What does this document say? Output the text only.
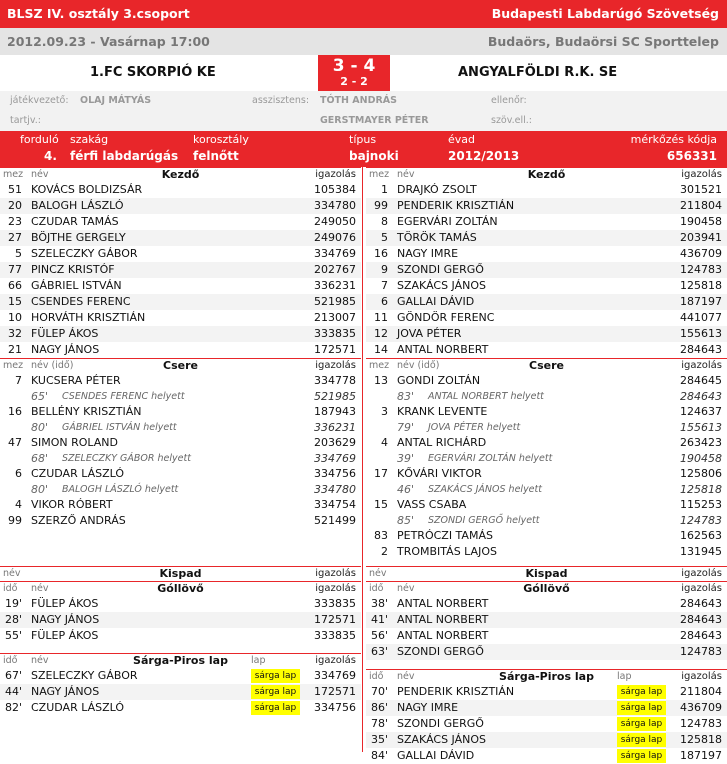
BLSZ IV. osztály 3.csoport	Budapesti Labdarúgó Szövetség
2012.09.23 - Vasárnap 17:00	Budaörs, Budaörsi SC Sporttelep
1.FC SKORPIÓ KE	ANGYALFÖLDI R.K. SE
3 - 4
2 - 2
játékvezető: OLAJ MÁTYÁS	asszisztens: TÓTH ANDRÁS	ellenőr:
tartjv.:	GERSTMAYER PÉTER	szöv.ell.:
forduló
4.
szakág
férfi labdarúgás
korosztály
felnőtt
típus
bajnoki
évad
2012/2013
mérkőzés kódja
656331
mez név	Kezdő	igazolás
51 KOVÁCS BOLDIZSÁR	105384
20 BALOGH LÁSZLÓ	334780
23 CZUDAR TAMÁS	249050
27 BÖJTHE GERGELY	249076
5 SZELECZKY GÁBOR	334769
77 PINCZ KRISTÓF	202767
66 GÁBRIEL ISTVÁN	336231
15 CSENDES FERENC	521985
10 HORVÁTH KRISZTIÁN	213007
32 FÜLEP ÁKOS	333835
21 NAGY JÁNOS	172571
mez név (idő)	Csere	igazolás
7 KUCSERA PÉTER	334778
65' CSENDES FERENC helyett	521985
16 BELLÉNY KRISZTIÁN	187943
80' GÁBRIEL ISTVÁN helyett	336231
47 SIMON ROLAND	203629
68' SZELECZKY GÁBOR helyett	334769
6 CZUDAR LÁSZLÓ	334756
80' BALOGH LÁSZLÓ helyett	334780
4 VIKOR RÓBERT	334754
99 SZERZŐ ANDRÁS	521499
név	Kispad	igazolás
idő név	Góllövő	igazolás
19' FÜLEP ÁKOS	333835
28' NAGY JÁNOS	172571
55' FÜLEP ÁKOS	333835
idő név	Sárga-Piros lap	lap	igazolás
67' SZELECZKY GÁBOR	sárga lap	334769
44' NAGY JÁNOS	sárga lap	172571
82' CZUDAR LÁSZLÓ	sárga lap	334756
mez név	Kezdő	igazolás
1 DRAJKÓ ZSOLT	301521
99 PENDERIK KRISZTIÁN	211804
8 EGERVÁRI ZOLTÁN	190458
5 TÖRÖK TAMÁS	203941
16 NAGY IMRE	436709
9 SZONDI GERGŐ	124783
7 SZAKÁCS JÁNOS	125818
6 GALLAI DÁVID	187197
11 GÖNDÖR FERENC	441077
12 JOVA PÉTER	155613
14 ANTAL NORBERT	284643
mez név (idő)	Csere	igazolás
13 GONDI ZOLTÁN	284645
83' ANTAL NORBERT helyett	284643
3 KRANK LEVENTE	124637
79' JOVA PÉTER helyett	155613
4 ANTAL RICHÁRD	263423
39' EGERVÁRI ZOLTÁN helyett	190458
17 KŐVÁRI VIKTOR	125806
46' SZAKÁCS JÁNOS helyett	125818
15 VASS CSABA	115253
85' SZONDI GERGŐ helyett	124783
83 PETRÓCZI TAMÁS	162563
2 TROMBITÁS LAJOS	131945
név	Kispad	igazolás
idő név	Góllövő	igazolás
38' ANTAL NORBERT	284643
41' ANTAL NORBERT	284643
56' ANTAL NORBERT	284643
63' SZONDI GERGŐ	124783
idő név	Sárga-Piros lap	lap	igazolás
70' PENDERIK KRISZTIÁN	sárga lap	211804
86' NAGY IMRE	sárga lap	436709
78' SZONDI GERGŐ	sárga lap	124783
35' SZAKÁCS JÁNOS	sárga lap	125818
84' GALLAI DÁVID	sárga lap	187197
